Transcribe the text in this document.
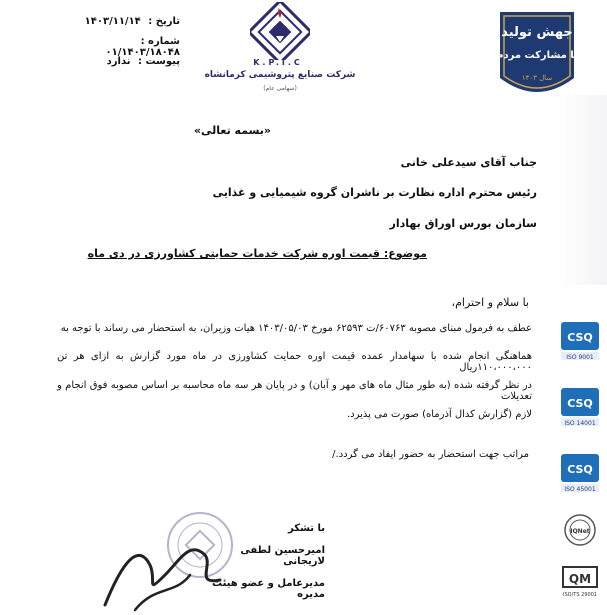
تاریخ : ۱۴۰۳/۱۱/۱۴
شماره : ۰۱/۱۴۰۳/۱۸۰۴۸
پیوست : ندارد	K.P.I.C
شرکت صنایع پتروشیمی کرمانشاه
(سهامی عام)
جهش تولید
با مشارکت مردم
سال ۱۴۰۳
«بسمه تعالی»
جناب آقای سیدعلی خانی
رئیس محترم اداره نظارت بر ناشران گروه شیمیایی و غذایی
سازمان بورس اوراق بهادار
موضوع: قیمت اوره شرکت خدمات حمایتی کشاورزی در دی ماه
با سلام و احترام،
عطف به فرمول مبنای مصوبه ۶۰۷۶۳/ت ۶۲۵۹۳ مورخ ۱۴۰۳/۰۵/۰۳ هیات وزیران، به استحضار می رساند با توجه به
هماهنگی انجام شده با سهامدار عمده قیمت اوره حمایت کشاورزی در ماه مورد گزارش به ازای هر تن ۱۱۰،۰۰۰،۰۰۰ریال
در نظر گرفته شده (به طور مثال ماه های مهر و آبان) و در پایان هر سه ماه محاسبه بر اساس مصوبه فوق انجام و تعدیلات
لازم (گزارش کدال آذرماه) صورت می پذیرد.
مراتب جهت استحضار به حضور ایفاد می گردد./
با تشکر
امیرحسین لطفی لاریجانی
مدیرعامل و عضو هیئت مدیره
CSQ
ISO 9001
CSQ
ISO 14001
CSQ
ISO 45001
IQNet
QM
ISO/TS 29001
